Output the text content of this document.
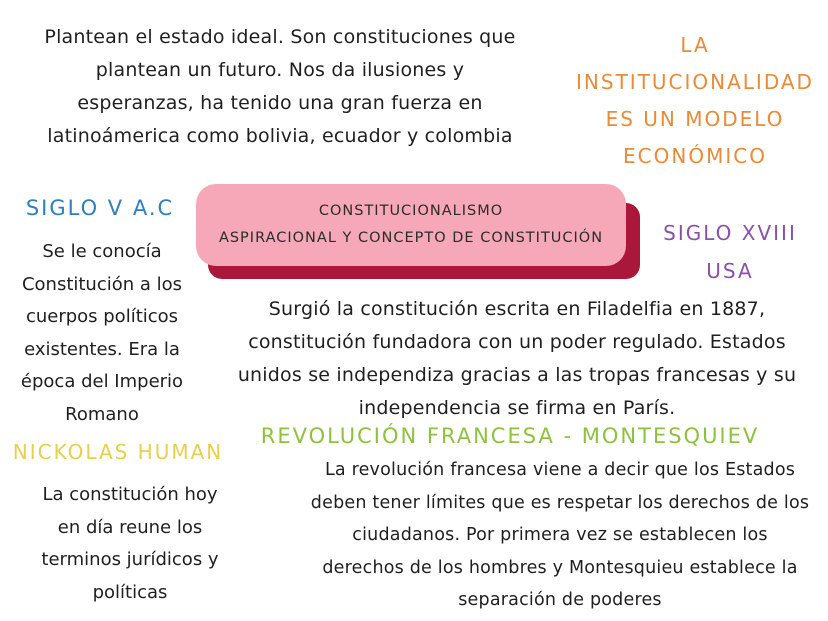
Plantean el estado ideal. Son constituciones que
plantean un futuro. Nos da ilusiones y
esperanzas, ha tenido una gran fuerza en
latinoámerica como bolivia, ecuador y colombia
LA
INSTITUCIONALIDAD
ES UN MODELO
ECONÓMICO
CONSTITUCIONALISMO
ASPIRACIONAL Y CONCEPTO DE CONSTITUCIÓN
SIGLO V A.C
Se le conocía
Constitución a los
cuerpos políticos
existentes. Era la
época del Imperio
Romano
SIGLO XVIII
USA
Surgió la constitución escrita en Filadelfia en 1887,
constitución fundadora con un poder regulado. Estados
unidos se independiza gracias a las tropas francesas y su
independencia se firma en París.
NICKOLAS HUMAN
La constitución hoy
en día reune los
terminos jurídicos y
políticas
REVOLUCIÓN FRANCESA - MONTESQUIEV
La revolución francesa viene a decir que los Estados
deben tener límites que es respetar los derechos de los
ciudadanos. Por primera vez se establecen los
derechos de los hombres y Montesquieu establece la
separación de poderes
